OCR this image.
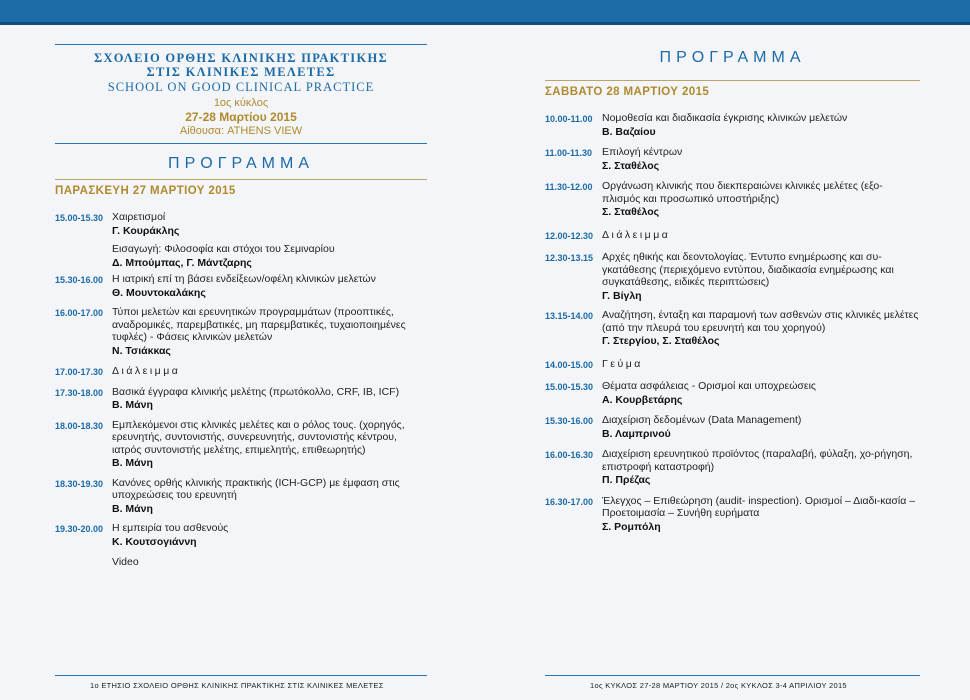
ΣΧΟΛΕΙΟ ΟΡΘΗΣ ΚΛΙΝΙΚΗΣ ΠΡΑΚΤΙΚΗΣ
ΣΤΙΣ ΚΛΙΝΙΚΕΣ ΜΕΛΕΤΕΣ
SCHOOL ON GOOD CLINICAL PRACTICE
1ος κύκλος
27-28 Μαρτίου 2015
Αίθουσα: ATHENS VIEW
ΠΡΟΓΡΑΜΜΑ
ΠΑΡΑΣΚΕΥΗ 27 ΜΑΡΤΙΟΥ 2015
15.00-15.30 Χαιρετισμοί
Γ. Κουράκλης
Εισαγωγή: Φιλοσοφία και στόχοι του Σεμιναρίου
Δ. Μπούμπας, Γ. Μάντζαρης
15.30-16.00 Η ιατρική επί τη βάσει ενδείξεων/οφέλη κλινικών μελετών
Θ. Μουντοκαλάκης
16.00-17.00 Τύποι μελετών και ερευνητικών προγραμμάτων (προοπτικές, αναδρομικές, παρεμβατικές, μη παρεμβατικές, τυχαιοποιημένες τυφλές) - Φάσεις κλινικών μελετών
Ν. Τσιάκκας
17.00-17.30 Διάλειμμα
17.30-18.00 Βασικά έγγραφα κλινικής μελέτης (πρωτόκολλο, CRF, IB, ICF)
Β. Μάνη
18.00-18.30 Εμπλεκόμενοι στις κλινικές μελέτες και ο ρόλος τους. (χορηγός, ερευνητής, συντονιστής, συνερευνητής, συντονιστής κέντρου, ιατρός συντονιστής μελέτης, επιμελητής, επιθεωρητής)
Β. Μάνη
18.30-19.30 Κανόνες ορθής κλινικής πρακτικής (ICH-GCP) με έμφαση στις υποχρεώσεις του ερευνητή
Β. Μάνη
19.30-20.00 Η εμπειρία του ασθενούς
Κ. Κουτσογιάννη
Video
ΠΡΟΓΡΑΜΜΑ
ΣΑΒΒΑΤΟ 28 ΜΑΡΤΙΟΥ 2015
10.00-11.00 Νομοθεσία και διαδικασία έγκρισης κλινικών μελετών
Β. Βαζαίου
11.00-11.30 Επιλογή κέντρων
Σ. Σταθέλος
11.30-12.00 Οργάνωση κλινικής που διεκπεραιώνει κλινικές μελέτες (εξο-πλισμός και προσωπικό υποστήριξης)
Σ. Σταθέλος
12.00-12.30 Διάλειμμα
12.30-13.15 Αρχές ηθικής και δεοντολογίας. Έντυπο ενημέρωσης και συ-γκατάθεσης (περιεχόμενο εντύπου, διαδικασία ενημέρωσης και συγκατάθεσης, ειδικές περιπτώσεις)
Γ. Βίγλη
13.15-14.00 Αναζήτηση, ένταξη και παραμονή των ασθενών στις κλινικές μελέτες (από την πλευρά του ερευνητή και του χορηγού)
Γ. Στεργίου, Σ. Σταθέλος
14.00-15.00 Γεύμα
15.00-15.30 Θέματα ασφάλειας - Ορισμοί και υποχρεώσεις
Α. Κουρβετάρης
15.30-16.00 Διαχείριση δεδομένων (Data Management)
Β. Λαμπρινού
16.00-16.30 Διαχείριση ερευνητικού προϊόντος (παραλαβή, φύλαξη, χο-ρήγηση, επιστροφή καταστροφή)
Π. Πρέζας
16.30-17.00 Έλεγχος – Επιθεώρηση (audit- inspection). Ορισμοί – Διαδι-κασία – Προετοιμασία – Συνήθη ευρήματα
Σ. Ρομπόλη
1ο ΕΤΗΣΙΟ ΣΧΟΛΕΙΟ ΟΡΘΗΣ ΚΛΙΝΙΚΗΣ ΠΡΑΚΤΙΚΗΣ ΣΤΙΣ ΚΛΙΝΙΚΕΣ ΜΕΛΕΤΕΣ	1ος ΚΥΚΛΟΣ 27-28 ΜΑΡΤΙΟΥ 2015 / 2ος ΚΥΚΛΟΣ 3-4 ΑΠΡΙΛΙΟΥ 2015
